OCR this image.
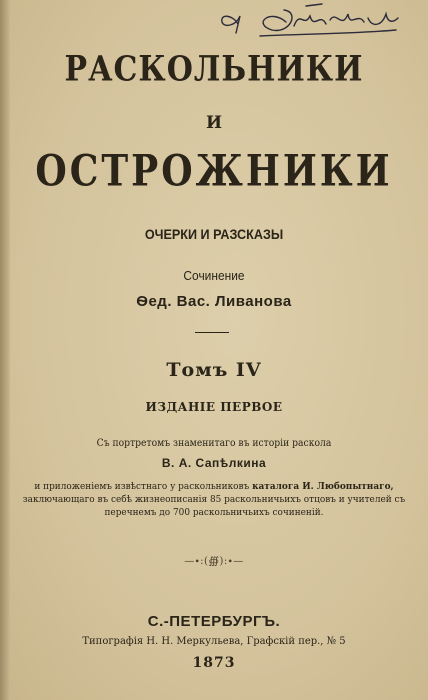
РАСКОЛЬНИКИ
И
ОСТРОЖНИКИ
ОЧЕРКИ И РАЗСКАЗЫ
Сочинение
Ѳед. Вас. Ливанова
Томъ IV
ИЗДАНІЕ ПЕРВОЕ
Съ портретомъ знаменитаго въ исторіи раскола
В. А. Сапѣлкина
и приложеніемъ извѣстнаго у раскольниковъ каталога И. Любопытнаго,
заключающаго въ себѣ жизнеописанія 85 раскольничьихъ отцовъ и учителей съ
перечнемъ до 700 раскольничьихъ сочиненій.
—∙:(∰):∙—
С.-ПЕТЕРБУРГЪ.
Типографія Н. Н. Меркульева, Графскій пер., № 5
1873
